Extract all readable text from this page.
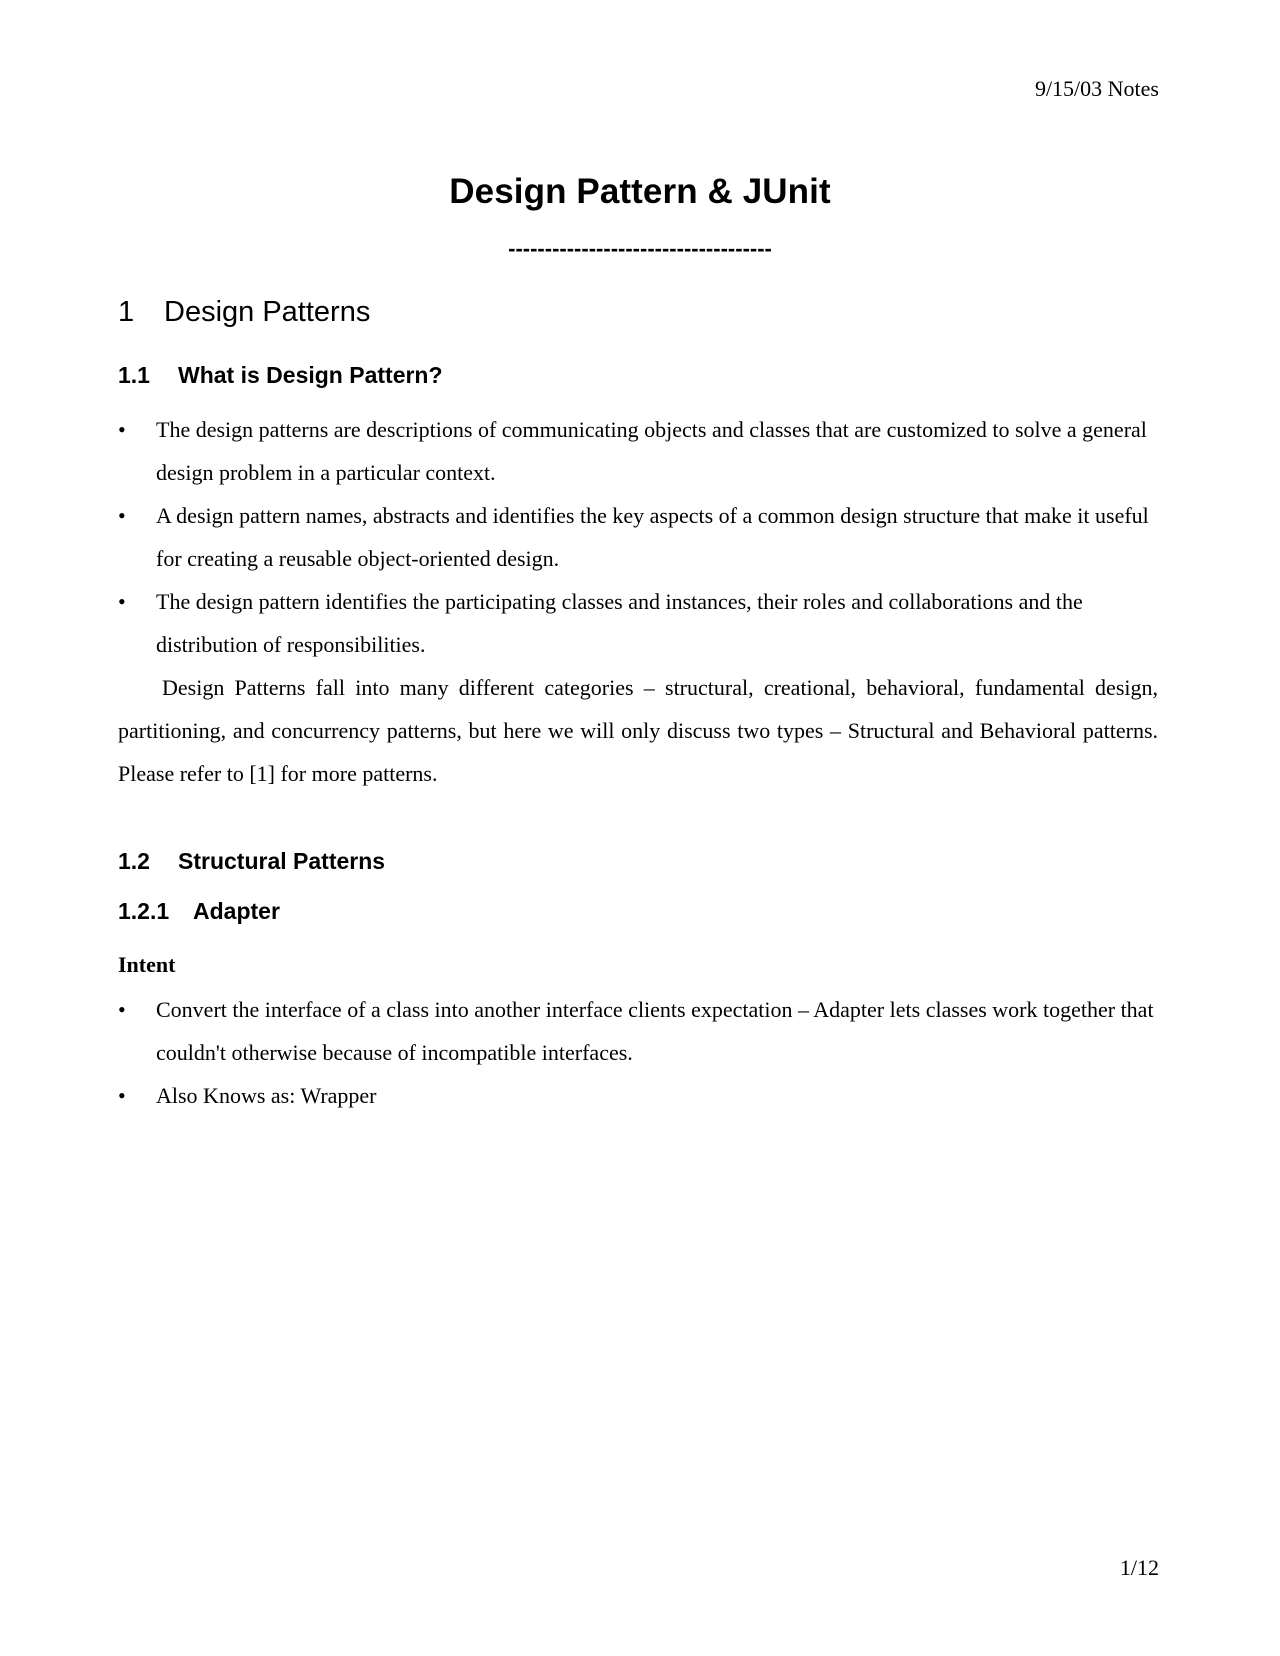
9/15/03 Notes
Design Pattern & JUnit
------------------------------------
1 Design Patterns
1.1 What is Design Pattern?
• The design patterns are descriptions of communicating objects and classes that are customized to solve a general design problem in a particular context.
• A design pattern names, abstracts and identifies the key aspects of a common design structure that make it useful for creating a reusable object-oriented design.
• The design pattern identifies the participating classes and instances, their roles and collaborations and the distribution of responsibilities.
Design Patterns fall into many different categories – structural, creational, behavioral, fundamental design, partitioning, and concurrency patterns, but here we will only discuss two types – Structural and Behavioral patterns. Please refer to [1] for more patterns.
1.2 Structural Patterns
1.2.1 Adapter
Intent
• Convert the interface of a class into another interface clients expectation – Adapter lets classes work together that couldn't otherwise because of incompatible interfaces.
• Also Knows as: Wrapper
1/12
